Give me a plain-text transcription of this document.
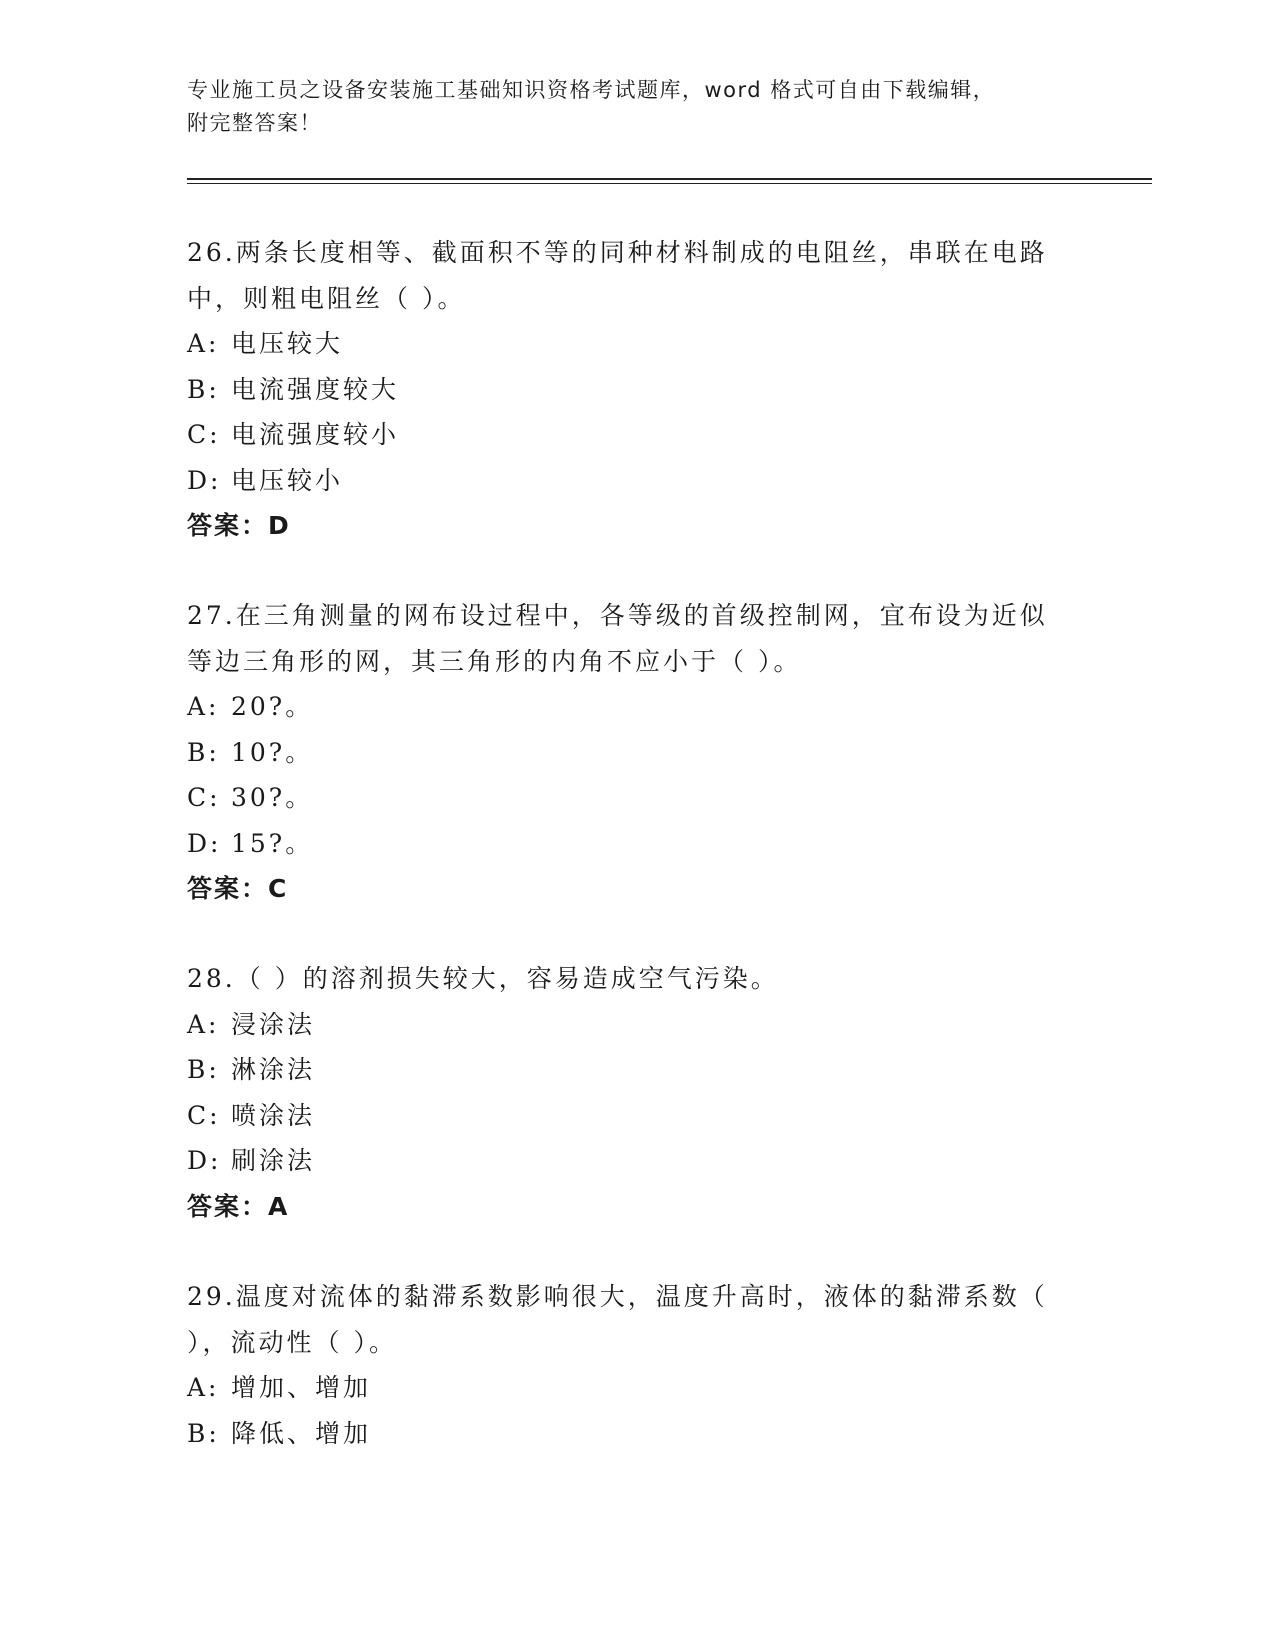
专业施工员之设备安装施工基础知识资格考试题库，word 格式可自由下载编辑，
附完整答案！
26.两条长度相等、截面积不等的同种材料制成的电阻丝，串联在电路
中，则粗电阻丝（ ）。
A: 电压较大
B: 电流强度较大
C: 电流强度较小
D: 电压较小
答案：D
27.在三角测量的网布设过程中，各等级的首级控制网，宜布设为近似
等边三角形的网，其三角形的内角不应小于（ ）。
A: 20?。
B: 10?。
C: 30?。
D: 15?。
答案：C
28.（ ）的溶剂损失较大，容易造成空气污染。
A: 浸涂法
B: 淋涂法
C: 喷涂法
D: 刷涂法
答案：A
29.温度对流体的黏滞系数影响很大，温度升高时，液体的黏滞系数（
），流动性（ ）。
A: 增加、增加
B: 降低、增加
